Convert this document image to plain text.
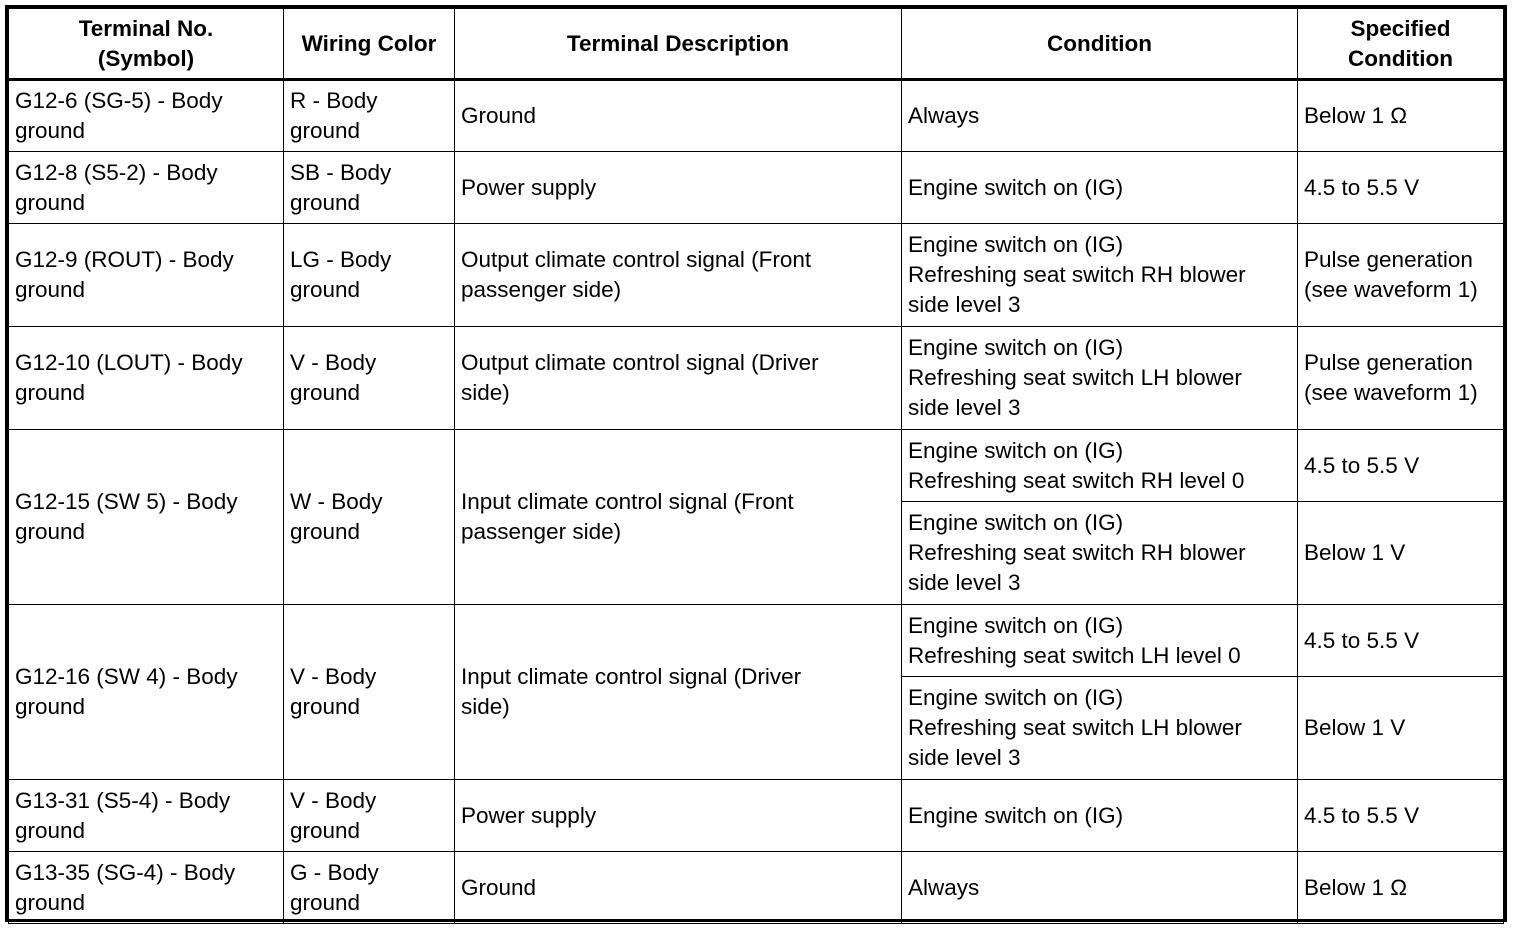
Terminal No.
(Symbol)	Wiring Color	Terminal Description	Condition	Specified
Condition

G12-6 (SG-5) - Body
ground	R - Body
ground	Ground	Always	Below 1 Ω

G12-8 (S5-2) - Body
ground	SB - Body
ground	Power supply	Engine switch on (IG)	4.5 to 5.5 V

G12-9 (ROUT) - Body
ground	LG - Body
ground	Output climate control signal (Front
passenger side)	Engine switch on (IG)
Refreshing seat switch RH blower
side level 3	Pulse generation
(see waveform 1)

G12-10 (LOUT) - Body
ground	V - Body
ground	Output climate control signal (Driver
side)	Engine switch on (IG)
Refreshing seat switch LH blower
side level 3	Pulse generation
(see waveform 1)

G12-15 (SW 5) - Body
ground	W - Body
ground	Input climate control signal (Front
passenger side)	Engine switch on (IG)
Refreshing seat switch RH level 0	4.5 to 5.5 V

			Engine switch on (IG)
Refreshing seat switch RH blower
side level 3	Below 1 V

G12-16 (SW 4) - Body
ground	V - Body
ground	Input climate control signal (Driver
side)	Engine switch on (IG)
Refreshing seat switch LH level 0	4.5 to 5.5 V

			Engine switch on (IG)
Refreshing seat switch LH blower
side level 3	Below 1 V

G13-31 (S5-4) - Body
ground	V - Body
ground	Power supply	Engine switch on (IG)	4.5 to 5.5 V

G13-35 (SG-4) - Body
ground	G - Body
ground	Ground	Always	Below 1 Ω
